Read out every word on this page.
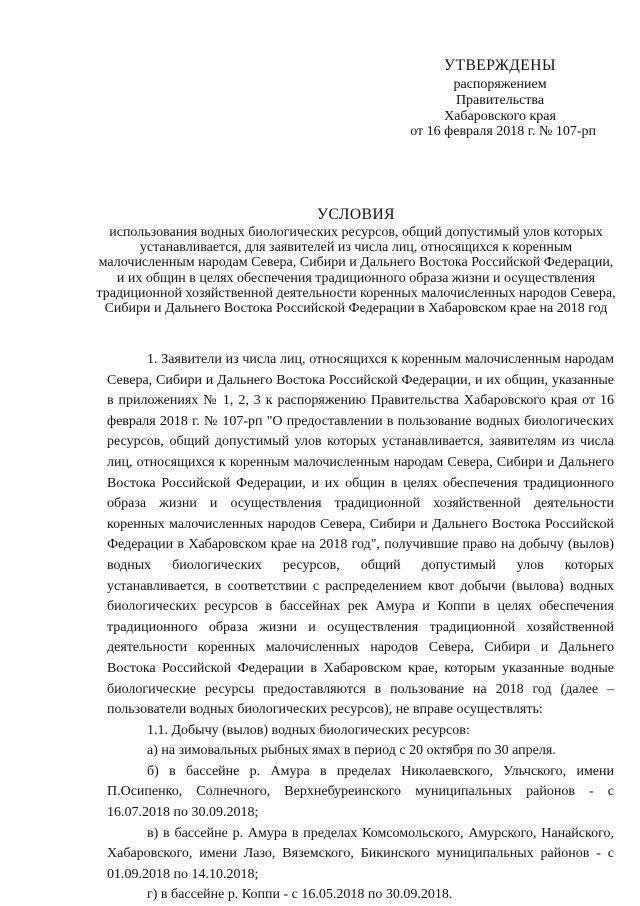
УТВЕРЖДЕНЫ
распоряжением
Правительства
Хабаровского края
от 16 февраля 2018 г. № 107-рп
УСЛОВИЯ
использования водных биологических ресурсов, общий допустимый улов которых устанавливается, для заявителей из числа лиц, относящихся к коренным малочисленным народам Севера, Сибири и Дальнего Востока Российской Федерации, и их общин в целях обеспечения традиционного образа жизни и осуществления традиционной хозяйственной деятельности коренных малочисленных народов Севера, Сибири и Дальнего Востока Российской Федерации в Хабаровском крае на 2018 год

1. Заявители из числа лиц, относящихся к коренным малочисленным народам Севера, Сибири и Дальнего Востока Российской Федерации, и их общин, указанные в приложениях № 1, 2, 3 к распоряжению Правительства Хабаровского края от 16 февраля 2018 г. № 107-рп "О предоставлении в пользование водных биологических ресурсов, общий допустимый улов которых устанавливается, заявителям из числа лиц, относящихся к коренным малочисленным народам Севера, Сибири и Дальнего Востока Российской Федерации, и их общин в целях обеспечения традиционного образа жизни и осуществления традиционной хозяйственной деятельности коренных малочисленных народов Севера, Сибири и Дальнего Востока Российской Федерации в Хабаровском крае на 2018 год", получившие право на добычу (вылов) водных биологических ресурсов, общий допустимый улов которых устанавливается, в соответствии с распределением квот добычи (вылова) водных биологических ресурсов в бассейнах рек Амура и Коппи в целях обеспечения традиционного образа жизни и осуществления традиционной хозяйственной деятельности коренных малочисленных народов Севера, Сибири и Дальнего Востока Российской Федерации в Хабаровском крае, которым указанные водные биологические ресурсы предоставляются в пользование на 2018 год (далее – пользователи водных биологических ресурсов), не вправе осуществлять:

1.1. Добычу (вылов) водных биологических ресурсов:

а) на зимовальных рыбных ямах в период с 20 октября по 30 апреля.

б) в бассейне р. Амура в пределах Николаевского, Ульчского, имени П.Осипенко, Солнечного, Верхнебуреинского муниципальных районов - с 16.07.2018 по 30.09.2018;

в) в бассейне р. Амура в пределах Комсомольского, Амурского, Нанайского, Хабаровского, имени Лазо, Вяземского, Бикинского муниципальных районов - с 01.09.2018 по 14.10.2018;

г) в бассейне р. Коппи - с 16.05.2018 по 30.09.2018.
